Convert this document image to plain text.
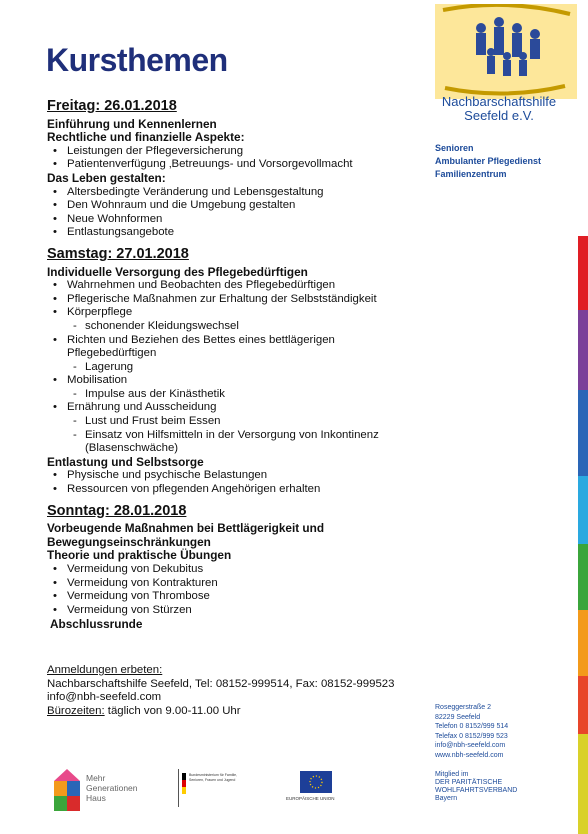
Kursthemen
Nachbarschaftshilfe
Seefeld e.V.
Senioren
Ambulanter Pflegedienst
Familienzentrum
Freitag: 26.01.2018
Einführung und Kennenlernen
Rechtliche und finanzielle Aspekte:
• Leistungen der Pflegeversicherung
• Patientenverfügung ‚Betreuungs- und Vorsorgevollmacht
Das Leben gestalten:
• Altersbedingte Veränderung und Lebensgestaltung
• Den Wohnraum und die Umgebung gestalten
• Neue Wohnformen
• Entlastungsangebote
Samstag: 27.01.2018
Individuelle Versorgung des Pflegebedürftigen
• Wahrnehmen und Beobachten des Pflegebedürftigen
• Pflegerische Maßnahmen zur Erhaltung der Selbstständigkeit
• Körperpflege
- schonender Kleidungswechsel
• Richten und Beziehen des Bettes eines bettlägerigen Pflegebedürftigen
- Lagerung
• Mobilisation
- Impulse aus der Kinästhetik
• Ernährung und Ausscheidung
- Lust und Frust beim Essen
- Einsatz von Hilfsmitteln in der Versorgung von Inkontinenz (Blasenschwäche)
Entlastung und Selbstsorge
• Physische und psychische Belastungen
• Ressourcen von pflegenden Angehörigen erhalten
Sonntag: 28.01.2018
Vorbeugende Maßnahmen bei Bettlägerigkeit und
Bewegungseinschränkungen
Theorie und praktische Übungen
• Vermeidung von Dekubitus
• Vermeidung von Kontrakturen
• Vermeidung von Thrombose
• Vermeidung von Stürzen
Abschlussrunde
Anmeldungen erbeten:
Nachbarschaftshilfe Seefeld, Tel: 08152-999514, Fax: 08152-999523
info@nbh-seefeld.com
Bürozeiten: täglich von 9.00-11.00 Uhr	Roseggerstraße 2
82229 Seefeld
Telefon 0 8152/999 514
Telefax 0 8152/999 523
info@nbh-seefeld.com
www.nbh-seefeld.com
Mitglied im
DER PARITÄTISCHE
WOHLFAHRTSVERBAND
Bayern
Mehr
Generationen
Haus
Bundesministerium für Familie, Senioren, Frauen und Jugend
EUROPÄISCHE UNION
